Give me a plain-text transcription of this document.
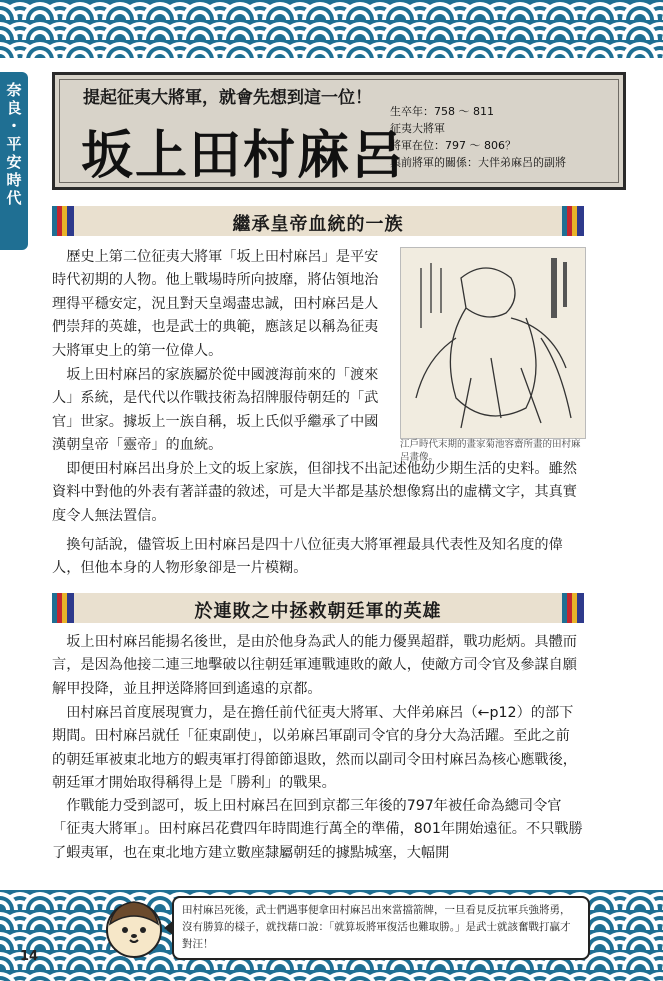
奈良・平安時代	提起征夷大將軍，就會先想到這一位！
坂上田村麻呂
生卒年：758 ～ 811
征夷大將軍
將軍在位：797 ～ 806？
與前將軍的關係：大伴弟麻呂的副將
繼承皇帝血統的一族

　歷史上第二位征夷大將軍「坂上田村麻呂」是平安時代初期的人物。他上戰場時所向披靡，將佔領地治理得平穩安定，況且對天皇竭盡忠誠，田村麻呂是人們崇拜的英雄，也是武士的典範，應該足以稱為征夷大將軍史上的第一位偉人。

　坂上田村麻呂的家族屬於從中國渡海前來的「渡來人」系統，是代代以作戰技術為招牌服侍朝廷的「武官」世家。據坂上一族自稱，坂上氏似乎繼承了中國漢朝皇帝「靈帝」的血統。	江戶時代末期的畫家菊池容齋所畫的田村麻呂畫像。

　即便田村麻呂出身於上文的坂上家族，但卻找不出記述他幼少期生活的史料。雖然資料中對他的外表有著詳盡的敘述，可是大半都是基於想像寫出的虛構文字，其真實度令人無法置信。

　換句話說，儘管坂上田村麻呂是四十八位征夷大將軍裡最具代表性及知名度的偉人，但他本身的人物形象卻是一片模糊。

於連敗之中拯救朝廷軍的英雄

　坂上田村麻呂能揚名後世，是由於他身為武人的能力優異超群，戰功彪炳。具體而言，是因為他接二連三地擊破以往朝廷軍連戰連敗的敵人，使敵方司令官及參謀自願解甲投降，並且押送降將回到遙遠的京都。

　田村麻呂首度展現實力，是在擔任前代征夷大將軍、大伴弟麻呂（←p12）的部下期間。田村麻呂就任「征東副使」，以弟麻呂軍副司令官的身分大為活躍。至此之前的朝廷軍被東北地方的蝦夷軍打得節節退敗，然而以副司令田村麻呂為核心應戰後，朝廷軍才開始取得稱得上是「勝利」的戰果。

　作戰能力受到認可，坂上田村麻呂在回到京都三年後的797年被任命為總司令官「征夷大將軍」。田村麻呂花費四年時間進行萬全的準備，801年開始遠征。不只戰勝了蝦夷軍，也在東北地方建立數座隸屬朝廷的據點城塞，大幅開

14
田村麻呂死後，武士們遇事便拿田村麻呂出來當擋箭牌，一旦看見反抗軍兵強將勇，沒有勝算的樣子，就找藉口說：「就算坂將軍復活也難取勝。」是武士就該奮戰打贏才對汪！
